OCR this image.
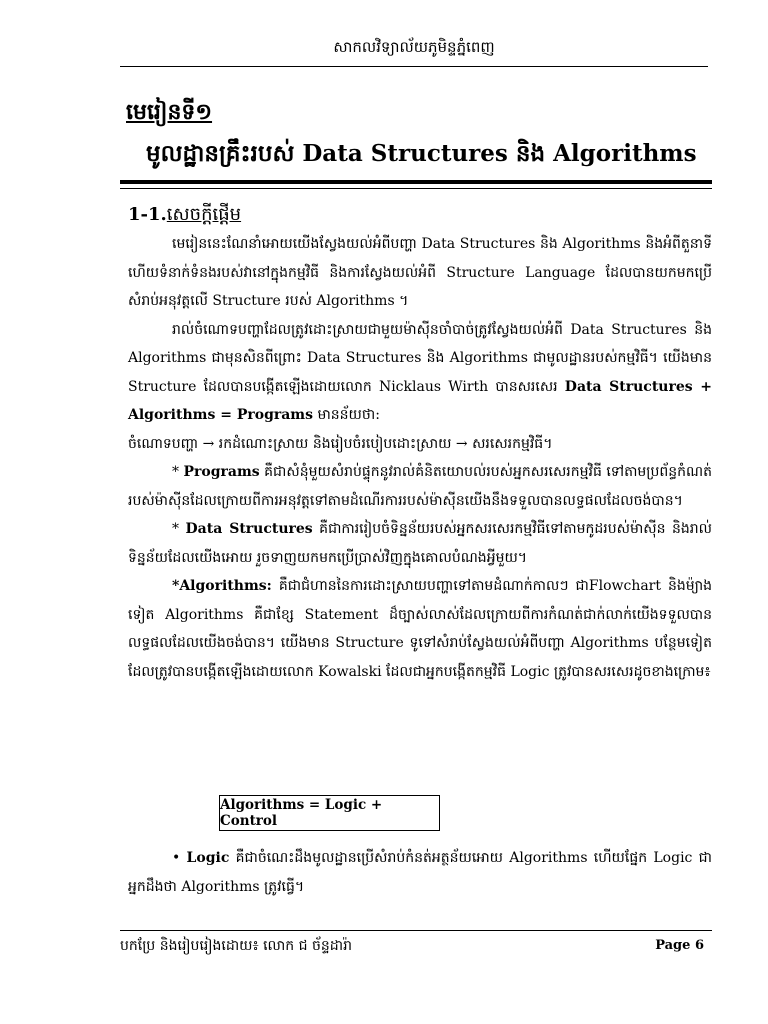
សាកលវិទ្យាល័យភូមិន្ទភ្នំពេញ
មេរៀនទី១
មូលដ្ឋានគ្រឹះរបស់ Data Structures និង Algorithms
1-1.សេចក្ដីផ្ដើម

មេរៀននេះណែនាំអោយយើងស្វែងយល់អំពីបញ្ហា Data Structures និង Algorithms និងអំពីតួនាទី ហើយទំនាក់ទំនងរបស់វានៅក្នុងកម្មវិធី និងការស្វែងយល់អំពី Structure Language ដែលបានយកមកប្រើសំរាប់អនុវត្តលើ Structure របស់ Algorithms ។

រាល់ចំណោទបញ្ហាដែលត្រូវដោះស្រាយជាមួយម៉ាស៊ីនចាំបាច់ត្រូវស្វែងយល់អំពី Data Structures និង Algorithms ជាមុនសិនពីព្រោះ Data Structures និង Algorithms ជាមូលដ្ឋានរបស់កម្មវិធី។ យើងមាន Structure ដែលបានបង្កើតឡើងដោយលោក Nicklaus Wirth បានសរសេរ Data Structures + Algorithms = Programs មានន័យថា:

ចំណោទបញ្ហា → រកដំណោះស្រាយ និងរៀបចំរបៀបដោះស្រាយ → សរសេរកម្មវិធី។

* Programs គឺជាសំនុំមួយសំរាប់ផ្ទុកនូវរាល់គំនិតយោបល់របស់អ្នកសរសេរកម្មវិធី ទៅតាមប្រព័ន្ធកំណត់របស់ម៉ាស៊ីនដែលក្រោយពីការអនុវត្តទៅតាមដំណើរការរបស់ម៉ាស៊ីនយើងនឹងទទួលបានលទ្ធផលដែលចង់បាន។

* Data Structures គឺជាការរៀបចំទិន្នន័យរបស់អ្នកសរសេរកម្មវិធីទៅតាមកូដរបស់ម៉ាស៊ីន និងរាល់ទិន្នន័យដែលយើងអោយ រួចទាញយកមកប្រើប្រាស់វិញក្នុងគោលបំណងអ្វីមួយ។

*Algorithms: គឺជាជំហាននៃការដោះស្រាយបញ្ហាទៅតាមដំណាក់កាលៗ ជាFlowchart និងម៉្យាងទៀត Algorithms គឺជាខ្សែ Statement ដ៏ច្បាស់លាស់ដែលក្រោយពីការកំណត់ជាក់លាក់យើងទទួលបានលទ្ធផលដែលយើងចង់បាន។ យើងមាន Structure ទូទៅសំរាប់ស្វែងយល់អំពីបញ្ហា Algorithms បន្ថែមទៀតដែលត្រូវបានបង្កើតឡើងដោយលោក Kowalski ដែលជាអ្នកបង្កើតកម្មវិធី Logic ត្រូវបានសរសេរដូចខាងក្រោម៖

Algorithms = Logic + Control

• Logic គឺជាចំណេះដឹងមូលដ្ឋានប្រើសំរាប់កំនត់អត្ថន័យអោយ Algorithms ហើយផ្នែក Logic ជាអ្នកដឹងថា Algorithms ត្រូវធ្វើ។

បកប្រែ និងរៀបរៀងដោយ៖ លោក ជ ច័ន្ទដារ៉ា	Page 6
